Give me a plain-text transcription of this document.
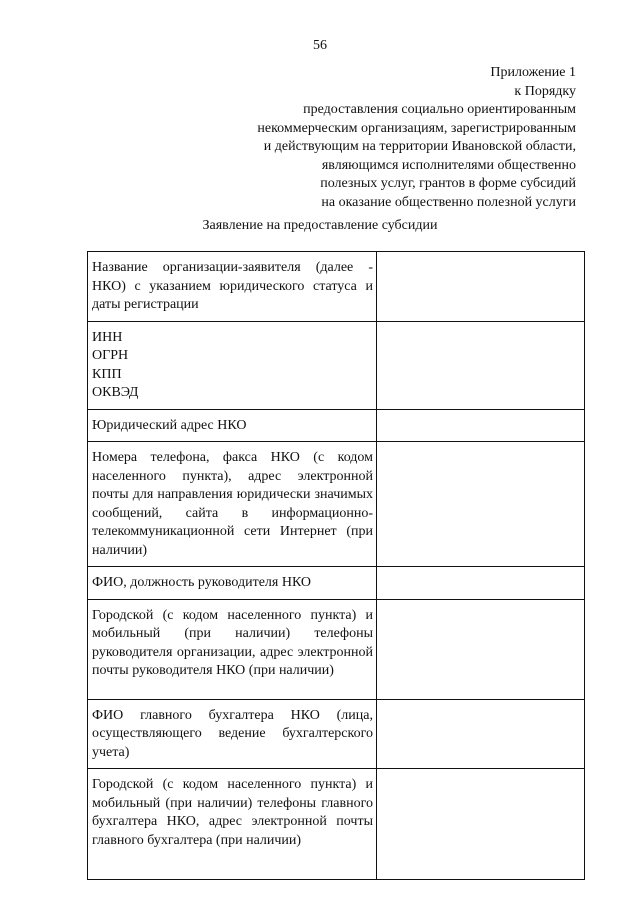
56
Приложение 1
к Порядку
предоставления социально ориентированным
некоммерческим организациям, зарегистрированным
и действующим на территории Ивановской области,
являющимся исполнителями общественно
полезных услуг, грантов в форме субсидий
на оказание общественно полезной услуги
Заявление на предоставление субсидии
Название организации-заявителя (далее - НКО) с указанием юридического статуса и даты регистрации	

ИНН
ОГРН
КПП
ОКВЭД	

Юридический адрес НКО	

Номера телефона, факса НКО (с кодом населенного пункта), адрес электронной почты для направления юридически значимых сообщений, сайта в информационно-телекоммуникационной сети Интернет (при наличии)	

ФИО, должность руководителя НКО	

Городской (с кодом населенного пункта) и мобильный (при наличии) телефоны руководителя организации, адрес электронной почты руководителя НКО (при наличии)	

ФИО главного бухгалтера НКО (лица, осуществляющего ведение бухгалтерского учета)	

Городской (с кодом населенного пункта) и мобильный (при наличии) телефоны главного бухгалтера НКО, адрес электронной почты главного бухгалтера (при наличии)	
